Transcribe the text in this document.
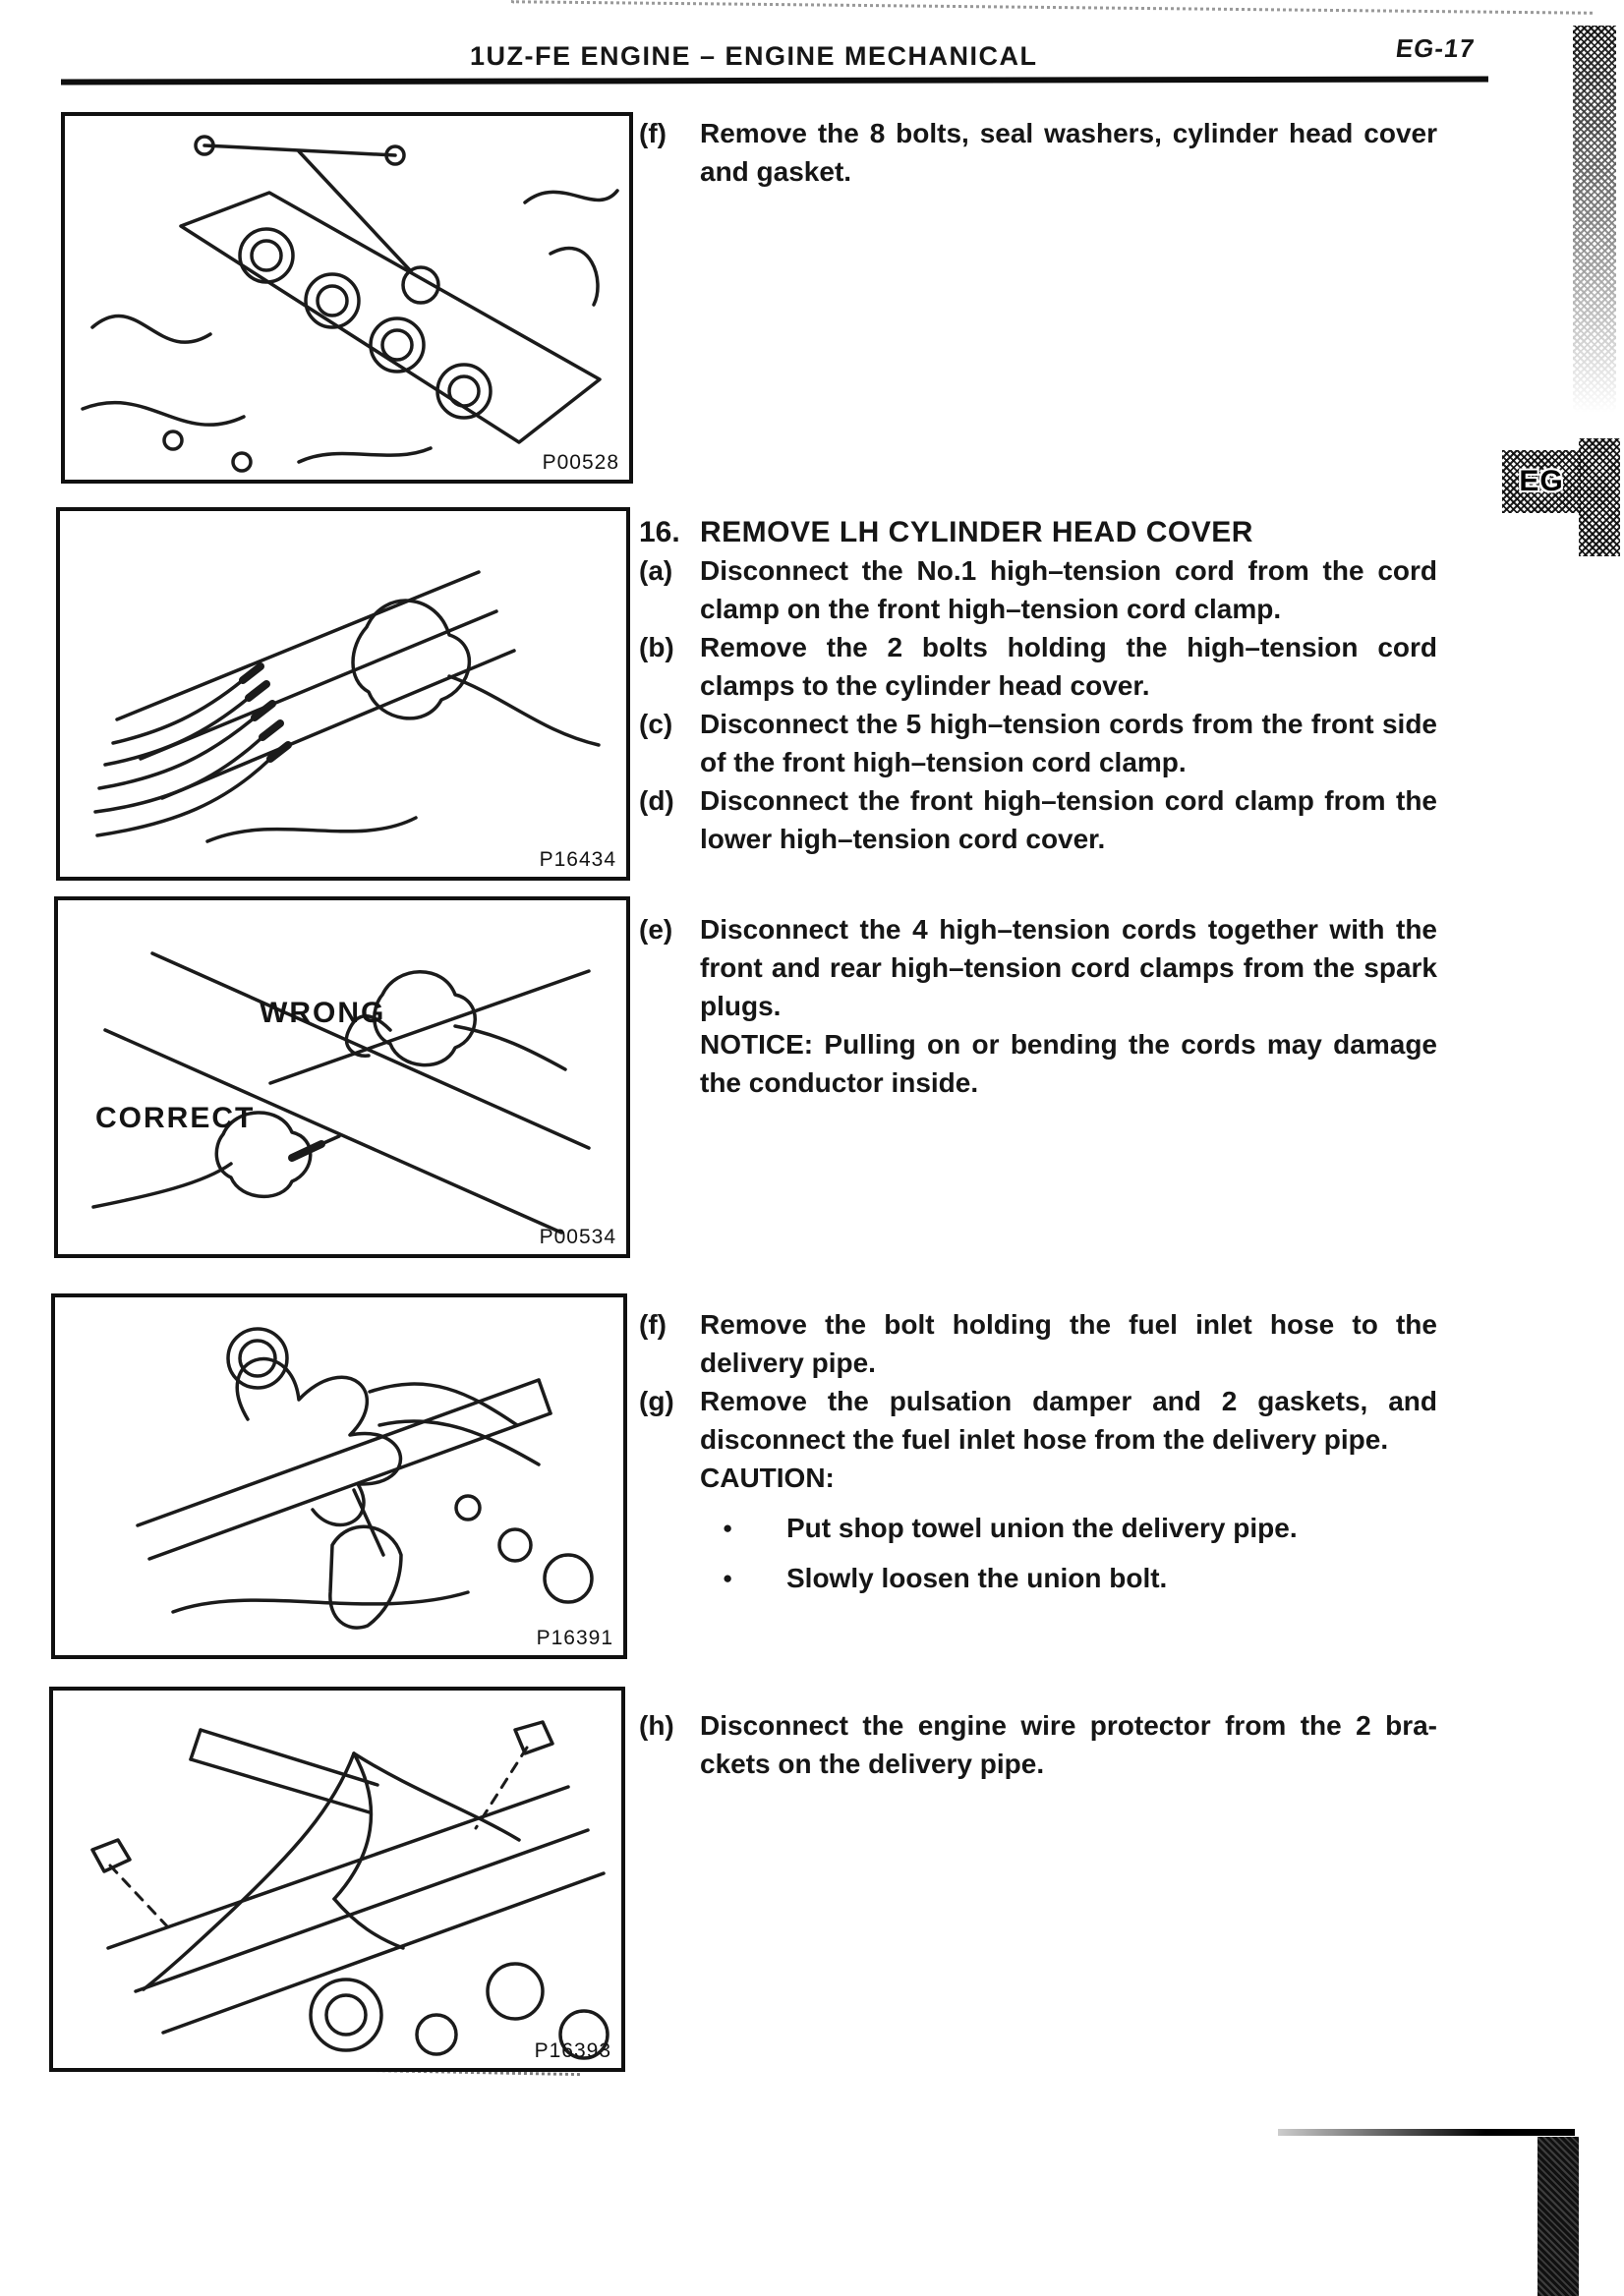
1UZ-FE ENGINE – ENGINE MECHANICAL	EG-17
EG
P00528
P16434
WRONG
CORRECT
P00534
P16391
P16393
(f)	Remove the 8 bolts, seal washers, cylinder head cover and gasket.
16. REMOVE LH CYLINDER HEAD COVER
(a) Disconnect the No.1 high–tension cord from the cord clamp on the front high–tension cord clamp.
(b) Remove the 2 bolts holding the high–tension cord clamps to the cylinder head cover.
(c) Disconnect the 5 high–tension cords from the front side of the front high–tension cord clamp.
(d) Disconnect the front high–tension cord clamp from the lower high–tension cord cover.
(e) Disconnect the 4 high–tension cords together with the front and rear high–tension cord clamps from the spark plugs.
NOTICE: Pulling on or bending the cords may damage the conductor inside.
(f)	Remove the bolt holding the fuel inlet hose to the delivery pipe.
(g) Remove the pulsation damper and 2 gaskets, and disconnect the fuel inlet hose from the delivery pipe.
CAUTION:
●	Put shop towel union the delivery pipe.
●	Slowly loosen the union bolt.
(h) Disconnect the engine wire protector from the 2 bra-ckets on the delivery pipe.
